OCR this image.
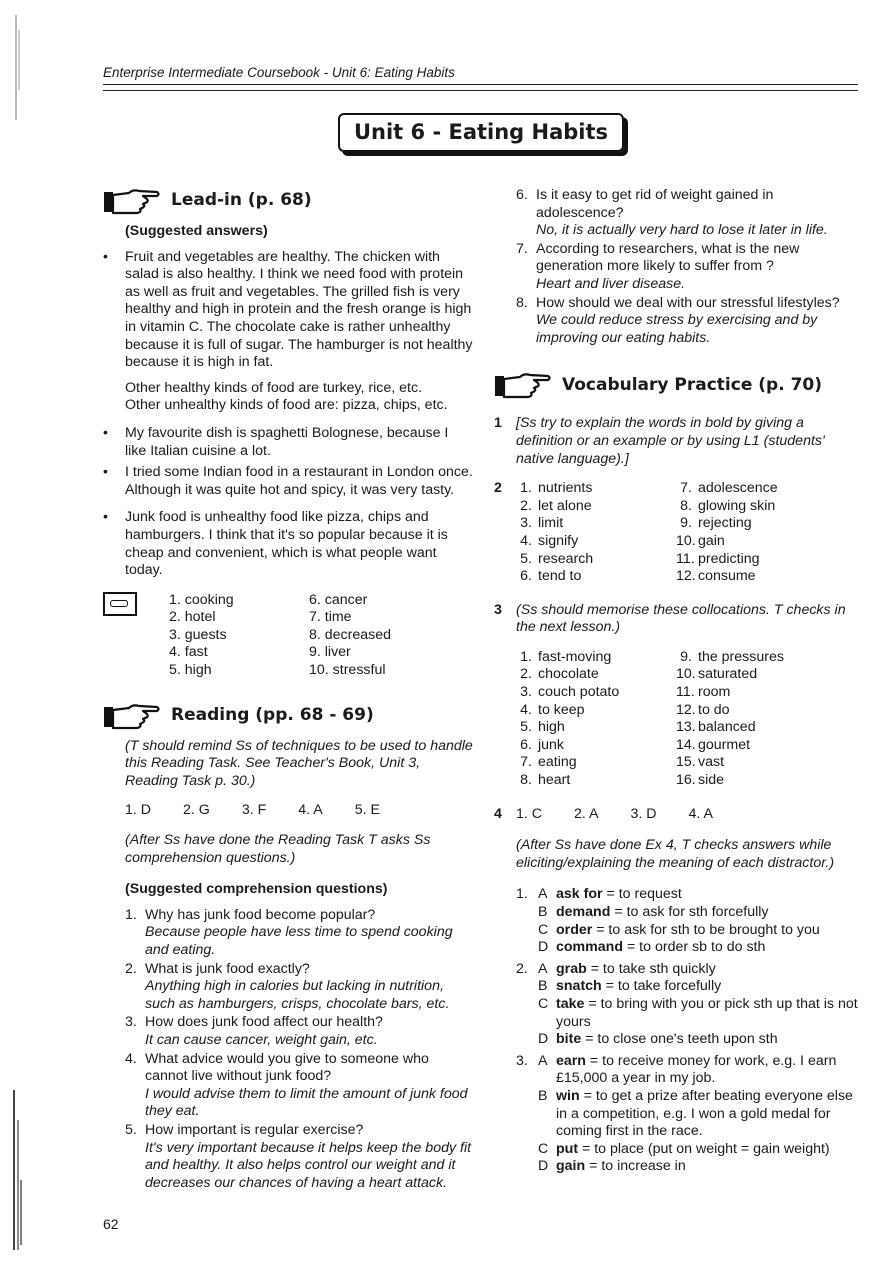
Enterprise Intermediate Coursebook - Unit 6: Eating Habits
Unit 6 - Eating Habits
Lead-in (p. 68)
(Suggested answers)
• Fruit and vegetables are healthy. The chicken with salad is also healthy. I think we need food with protein as well as fruit and vegetables. The grilled fish is very healthy and high in protein and the fresh orange is high in vitamin C. The chocolate cake is rather unhealthy because it is full of sugar. The hamburger is not healthy because it is high in fat.
Other healthy kinds of food are turkey, rice, etc.
Other unhealthy kinds of food are: pizza, chips, etc.
• My favourite dish is spaghetti Bolognese, because I like Italian cuisine a lot.
• I tried some Indian food in a restaurant in London once. Although it was quite hot and spicy, it was very tasty.
• Junk food is unhealthy food like pizza, chips and hamburgers. I think that it's so popular because it is cheap and convenient, which is what people want today.
1. cooking	6. cancer
2. hotel	7. time
3. guests	8. decreased
4. fast	9. liver
5. high	10. stressful
Reading (pp. 68 - 69)
(T should remind Ss of techniques to be used to handle this Reading Task. See Teacher's Book, Unit 3, Reading Task p. 30.)
1. D 2. G 3. F 4. A 5. E
(After Ss have done the Reading Task T asks Ss comprehension questions.)
(Suggested comprehension questions)
1. Why has junk food become popular?
Because people have less time to spend cooking and eating.
2. What is junk food exactly?
Anything high in calories but lacking in nutrition, such as hamburgers, crisps, chocolate bars, etc.
3. How does junk food affect our health?
It can cause cancer, weight gain, etc.
4. What advice would you give to someone who cannot live without junk food?
I would advise them to limit the amount of junk food they eat.
5. How important is regular exercise?
It's very important because it helps keep the body fit and healthy. It also helps control our weight and it decreases our chances of having a heart attack.
6. Is it easy to get rid of weight gained in adolescence?
No, it is actually very hard to lose it later in life.
7. According to researchers, what is the new generation more likely to suffer from ?
Heart and liver disease.
8. How should we deal with our stressful lifestyles?
We could reduce stress by exercising and by improving our eating habits.
Vocabulary Practice (p. 70)
1 [Ss try to explain the words in bold by giving a definition or an example or by using L1 (students' native language).]
2 1. nutrients	7. adolescence
2. let alone	8. glowing skin
3. limit	9. rejecting
4. signify	10. gain
5. research	11. predicting
6. tend to	12. consume
3 (Ss should memorise these collocations. T checks in the next lesson.)
1. fast-moving	9. the pressures
2. chocolate	10. saturated
3. couch potato	11. room
4. to keep	12. to do
5. high	13. balanced
6. junk	14. gourmet
7. eating	15. vast
8. heart	16. side
4 1. C 2. A 3. D 4. A
(After Ss have done Ex 4, T checks answers while eliciting/explaining the meaning of each distractor.)
1. A ask for = to request
B demand = to ask for sth forcefully
C order = to ask for sth to be brought to you
D command = to order sb to do sth
2. A grab = to take sth quickly
B snatch = to take forcefully
C take = to bring with you or pick sth up that is not yours
D bite = to close one's teeth upon sth
3. A earn = to receive money for work, e.g. I earn £15,000 a year in my job.
B win = to get a prize after beating everyone else in a competition, e.g. I won a gold medal for coming first in the race.
C put = to place (put on weight = gain weight)
D gain = to increase in
62
